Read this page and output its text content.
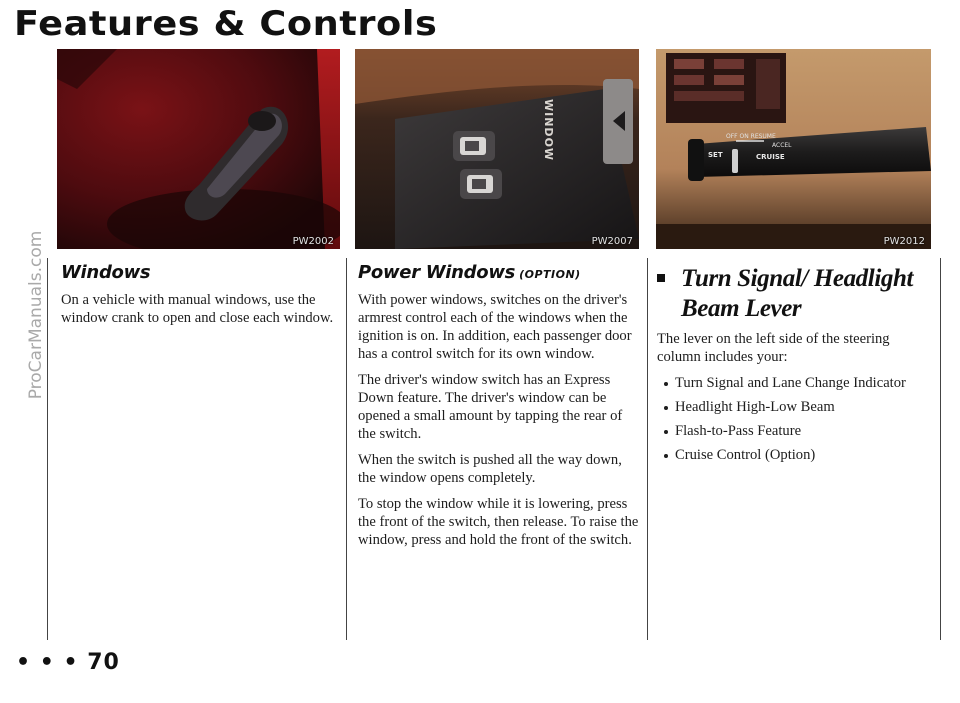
Features & Controls
ProCarManuals.com	PW2002
WINDOW
PW2007
OFF ON RESUME
ACCEL
SET	CRUISE
PW2012
Windows

On a vehicle with manual windows, use the window crank to open and close each window.

Power Windows (OPTION)

With power windows, switches on the driver's armrest control each of the windows when the ignition is on. In addition, each passenger door has a control switch for its own window.

The driver's window switch has an Express Down feature. The driver's window can be opened a small amount by tapping the rear of the switch.

When the switch is pushed all the way down, the window opens completely.

To stop the window while it is lowering, press the front of the switch, then release. To raise the window, press and hold the front of the switch.

Turn Signal/ Headlight
Beam Lever

The lever on the left side of the steering column includes your:

Turn Signal and Lane Change Indicator
Headlight High-Low Beam
Flash-to-Pass Feature
Cruise Control (Option)
• • • 70
